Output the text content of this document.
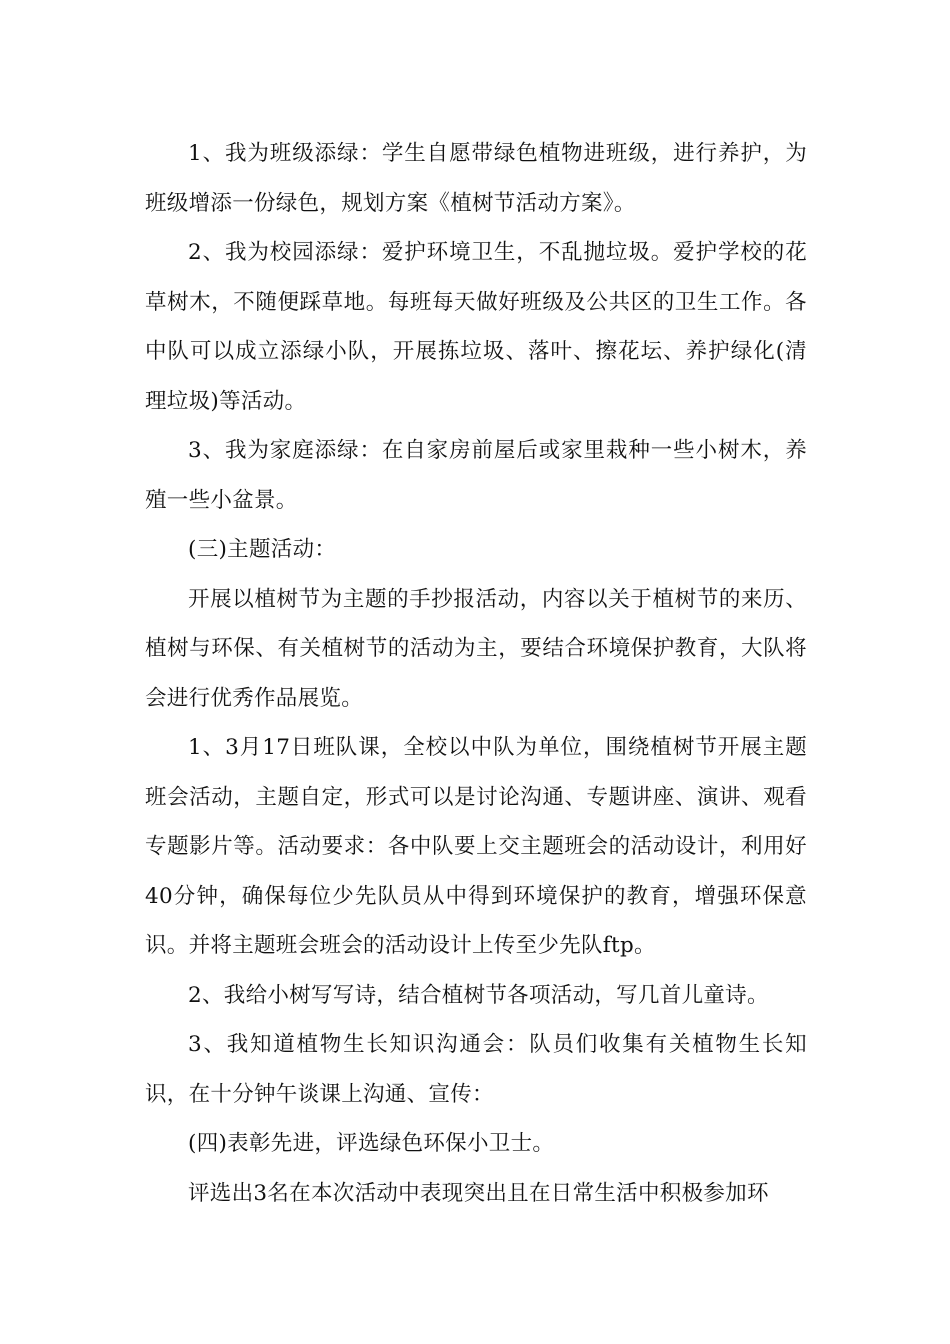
1、我为班级添绿：学生自愿带绿色植物进班级，进行养护，为班级增添一份绿色，规划方案《植树节活动方案》。

2、我为校园添绿：爱护环境卫生，不乱抛垃圾。爱护学校的花草树木，不随便踩草地。每班每天做好班级及公共区的卫生工作。各中队可以成立添绿小队，开展拣垃圾、落叶、擦花坛、养护绿化(清理垃圾)等活动。

3、我为家庭添绿：在自家房前屋后或家里栽种一些小树木，养殖一些小盆景。

(三)主题活动：

开展以植树节为主题的手抄报活动，内容以关于植树节的来历、植树与环保、有关植树节的活动为主，要结合环境保护教育，大队将会进行优秀作品展览。

1、3月17日班队课，全校以中队为单位，围绕植树节开展主题班会活动，主题自定，形式可以是讨论沟通、专题讲座、演讲、观看专题影片等。活动要求：各中队要上交主题班会的活动设计，利用好40分钟，确保每位少先队员从中得到环境保护的教育，增强环保意识。并将主题班会班会的活动设计上传至少先队ftp。

2、我给小树写写诗，结合植树节各项活动，写几首儿童诗。

3、我知道植物生长知识沟通会：队员们收集有关植物生长知识，在十分钟午谈课上沟通、宣传：

(四)表彰先进，评选绿色环保小卫士。

评选出3名在本次活动中表现突出且在日常生活中积极参加环
